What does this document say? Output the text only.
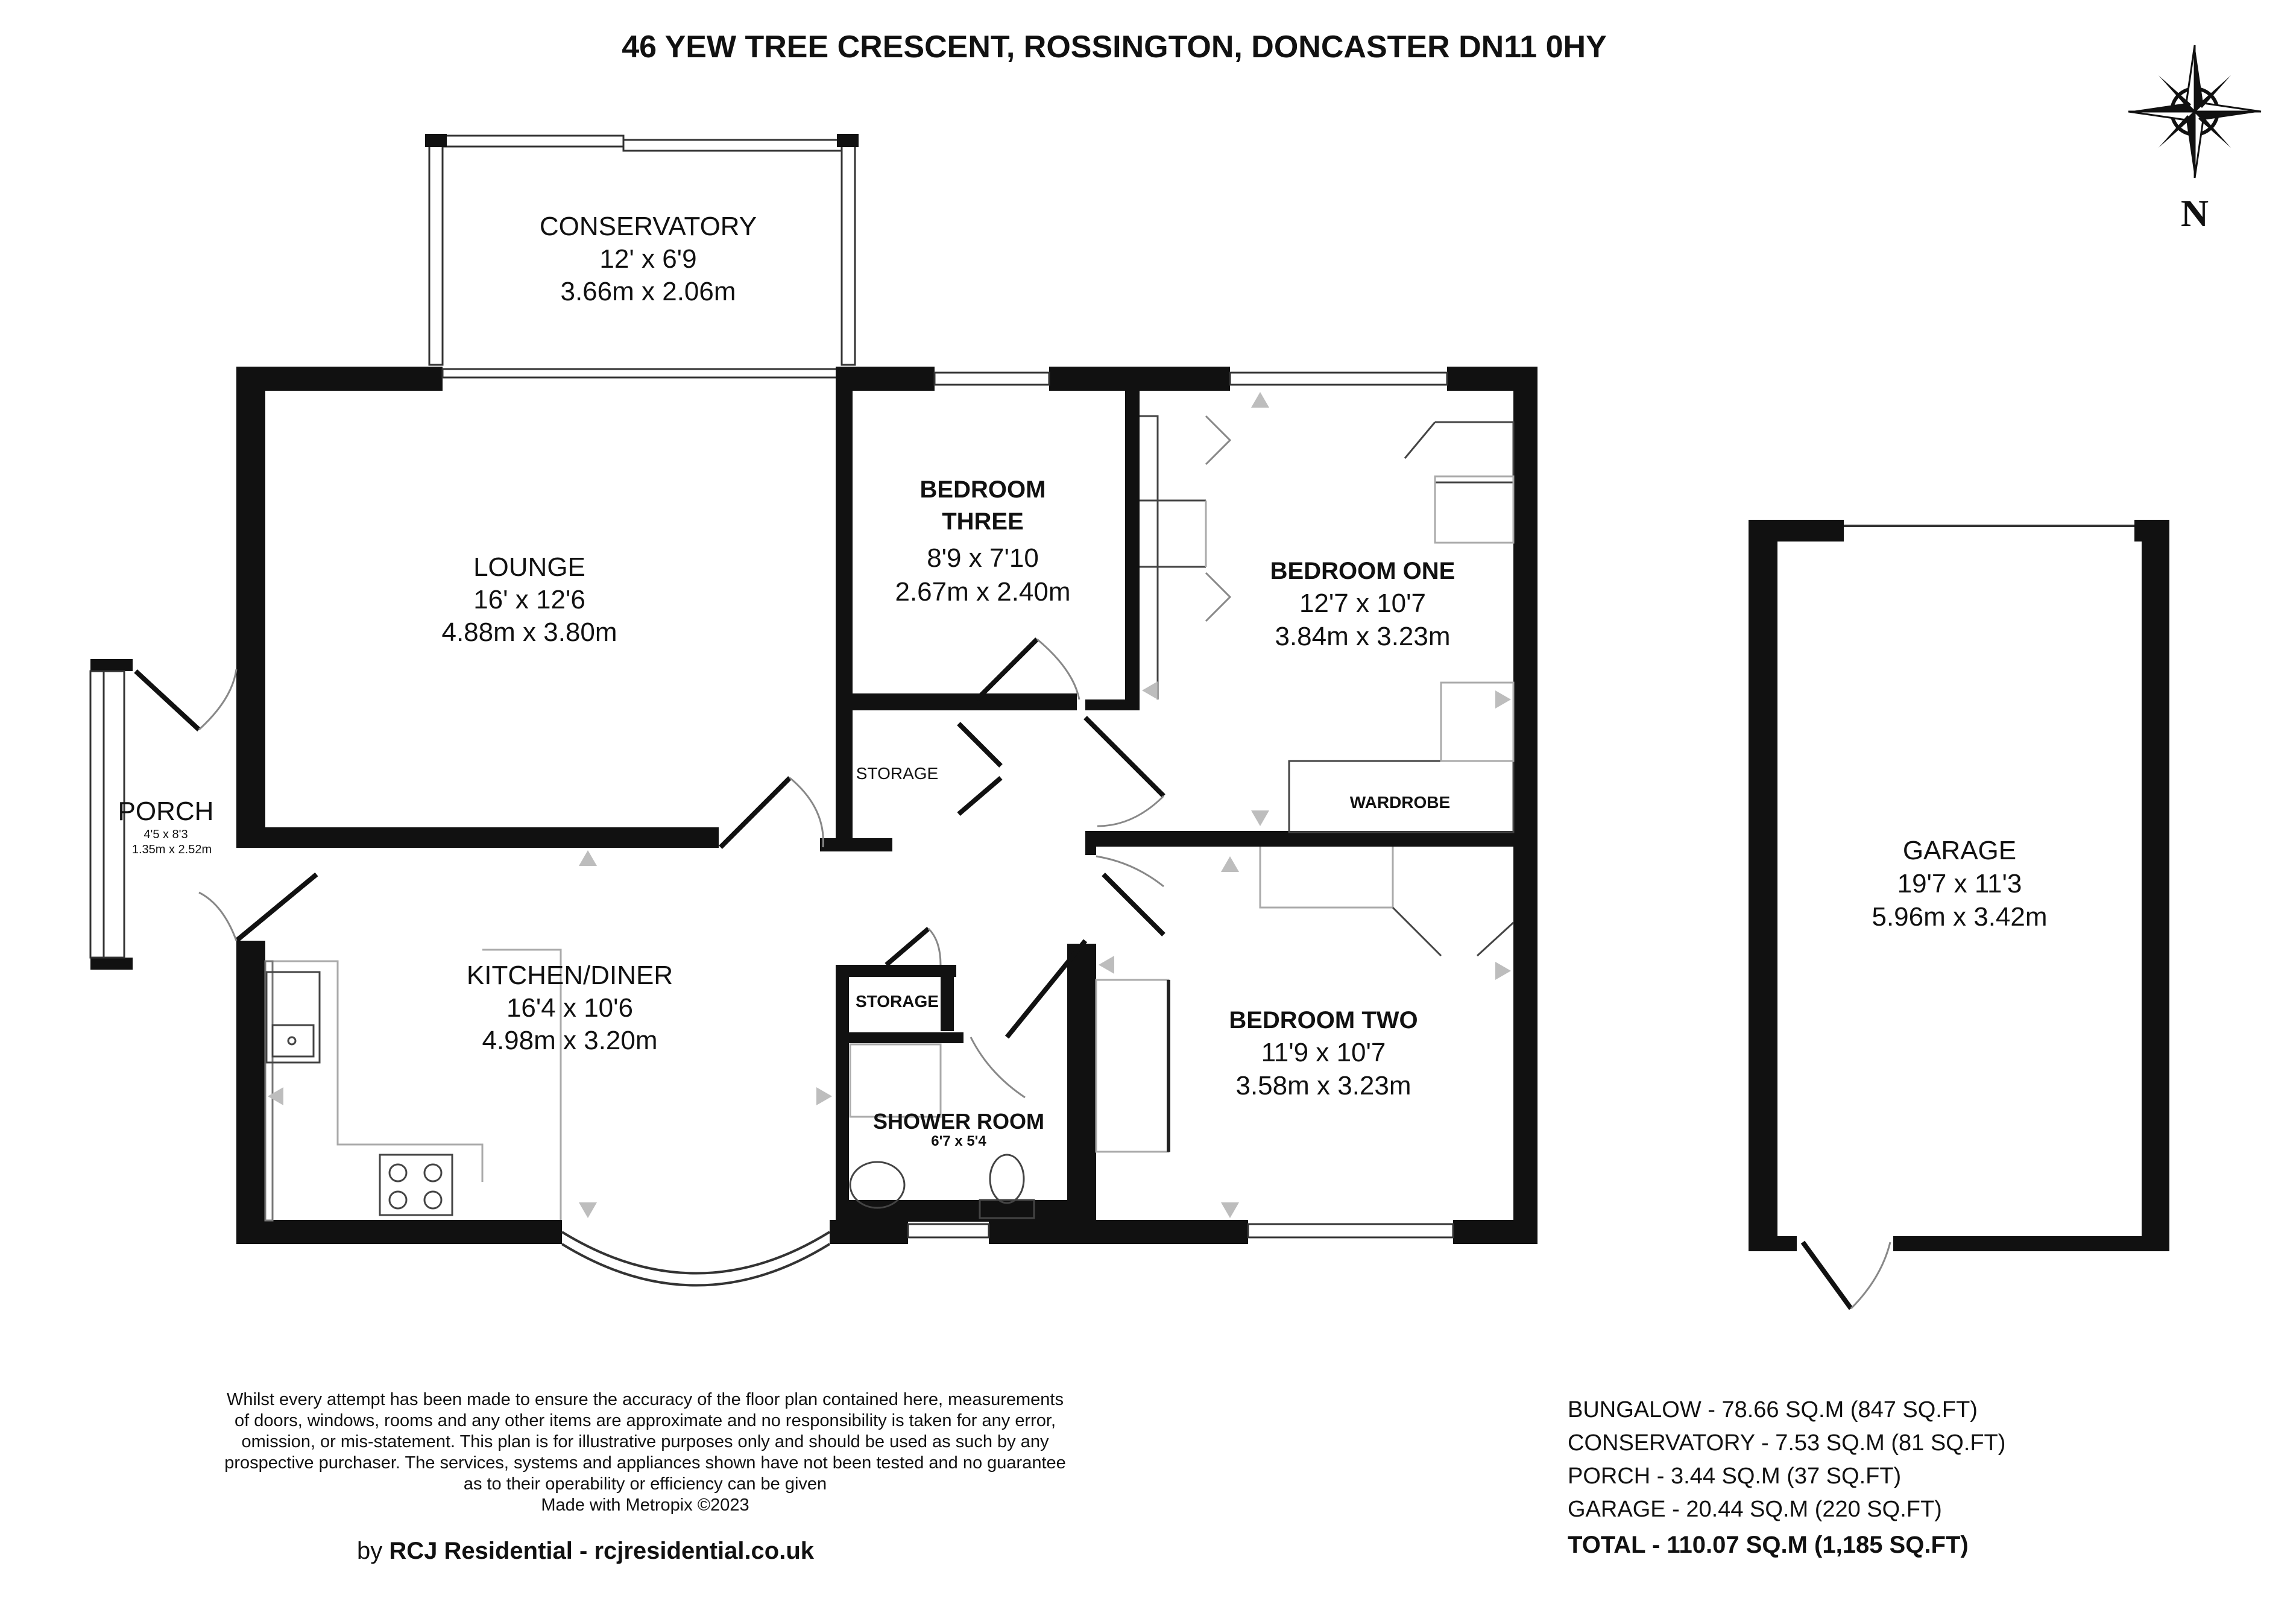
46 YEW TREE CRESCENT, ROSSINGTON, DONCASTER DN11 0HY
N
CONSERVATORY
12' x 6'9
3.66m x 2.06m
LOUNGE
16' x 12'6
4.88m x 3.80m
BEDROOM
THREE
8'9 x 7'10
2.67m x 2.40m
BEDROOM ONE
12'7 x 10'7
3.84m x 3.23m
PORCH
4'5 x 8'3
1.35m x 2.52m
STORAGE
WARDROBE
KITCHEN/DINER
16'4 x 10'6
4.98m x 3.20m
STORAGE
SHOWER ROOM
6'7 x 5'4
BEDROOM TWO
11'9 x 10'7
3.58m x 3.23m
GARAGE
19'7 x 11'3
5.96m x 3.42m
Whilst every attempt has been made to ensure the accuracy of the floor plan contained here, measurements
of doors, windows, rooms and any other items are approximate and no responsibility is taken for any error,
omission, or mis-statement. This plan is for illustrative purposes only and should be used as such by any
prospective purchaser. The services, systems and appliances shown have not been tested and no guarantee
as to their operability or efficiency can be given
Made with Metropix ©2023
by RCJ Residential - rcjresidential.co.uk
BUNGALOW - 78.66 SQ.M (847 SQ.FT)
CONSERVATORY - 7.53 SQ.M (81 SQ.FT)
PORCH - 3.44 SQ.M (37 SQ.FT)
GARAGE - 20.44 SQ.M (220 SQ.FT)
TOTAL - 110.07 SQ.M (1,185 SQ.FT)
